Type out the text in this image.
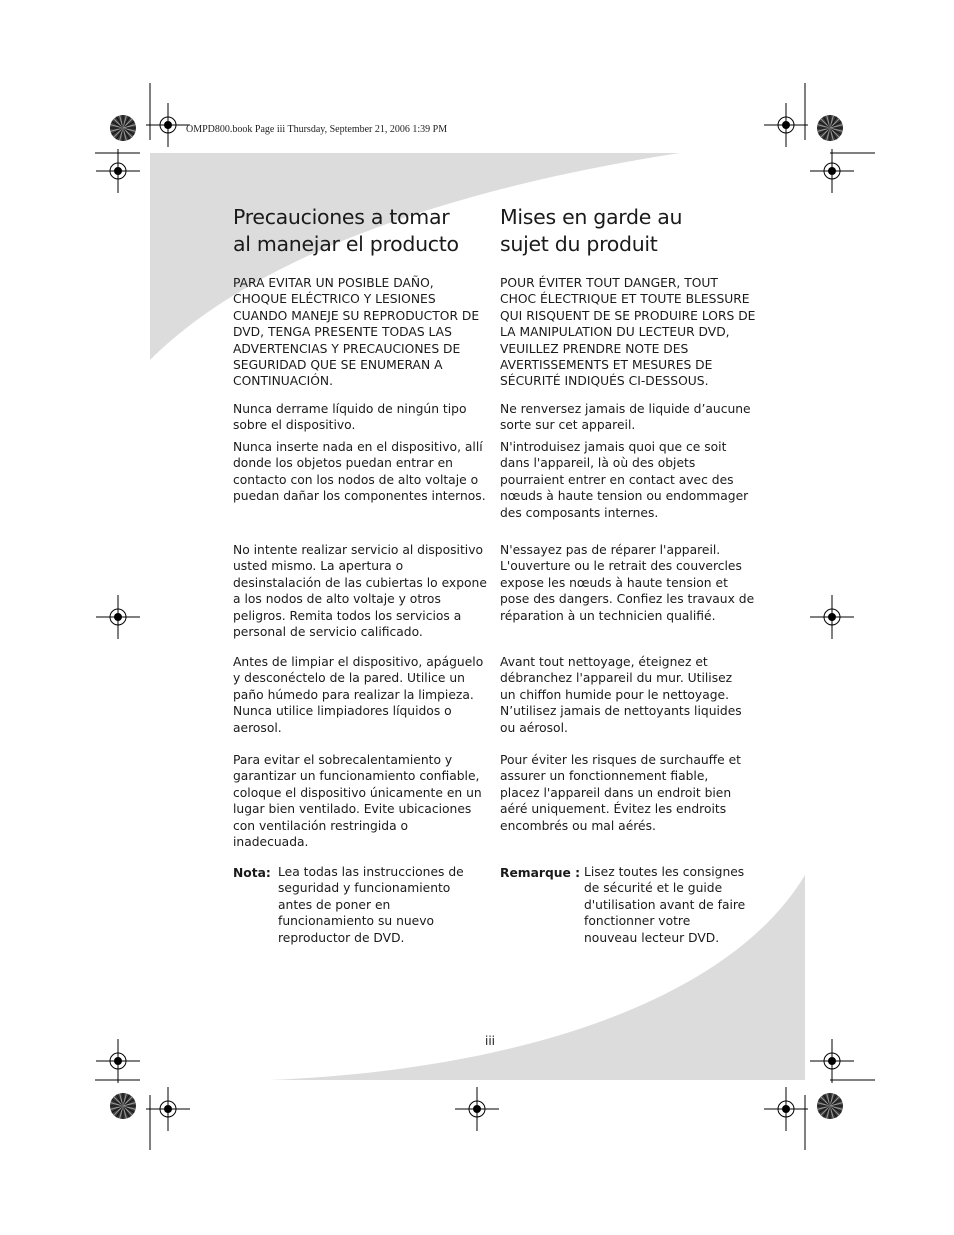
OMPD800.book Page iii Thursday, September 21, 2006 1:39 PM
Precauciones a tomar
al manejar el producto
Mises en garde au
sujet du produit
iii
PARA EVITAR UN POSIBLE DAÑO,
CHOQUE ELÉCTRICO Y LESIONES
CUANDO MANEJE SU REPRODUCTOR DE
DVD, TENGA PRESENTE TODAS LAS
ADVERTENCIAS Y PRECAUCIONES DE
SEGURIDAD QUE SE ENUMERAN A
CONTINUACIÓN.
Nunca derrame líquido de ningún tipo
sobre el dispositivo.
Nunca inserte nada en el dispositivo, allí
donde los objetos puedan entrar en
contacto con los nodos de alto voltaje o
puedan dañar los componentes internos.
No intente realizar servicio al dispositivo
usted mismo. La apertura o
desinstalación de las cubiertas lo expone
a los nodos de alto voltaje y otros
peligros. Remita todos los servicios a
personal de servicio calificado.
Antes de limpiar el dispositivo, apáguelo
y desconéctelo de la pared. Utilice un
paño húmedo para realizar la limpieza.
Nunca utilice limpiadores líquidos o
aerosol.
Para evitar el sobrecalentamiento y
garantizar un funcionamiento confiable,
coloque el dispositivo únicamente en un
lugar bien ventilado. Evite ubicaciones
con ventilación restringida o
inadecuada.
Nota: Lea todas las instrucciones de
seguridad y funcionamiento
antes de poner en
funcionamiento su nuevo
reproductor de DVD.
POUR ÉVITER TOUT DANGER, TOUT
CHOC ÉLECTRIQUE ET TOUTE BLESSURE
QUI RISQUENT DE SE PRODUIRE LORS DE
LA MANIPULATION DU LECTEUR DVD,
VEUILLEZ PRENDRE NOTE DES
AVERTISSEMENTS ET MESURES DE
SÉCURITÉ INDIQUÉS CI-DESSOUS.
Ne renversez jamais de liquide d’aucune
sorte sur cet appareil.
N'introduisez jamais quoi que ce soit
dans l'appareil, là où des objets
pourraient entrer en contact avec des
nœuds à haute tension ou endommager
des composants internes.
N'essayez pas de réparer l'appareil.
L'ouverture ou le retrait des couvercles
expose les nœuds à haute tension et
pose des dangers. Confiez les travaux de
réparation à un technicien qualifié.
Avant tout nettoyage, éteignez et
débranchez l'appareil du mur. Utilisez
un chiffon humide pour le nettoyage.
N’utilisez jamais de nettoyants liquides
ou aérosol.
Pour éviter les risques de surchauffe et
assurer un fonctionnement fiable,
placez l'appareil dans un endroit bien
aéré uniquement. Évitez les endroits
encombrés ou mal aérés.
Remarque : Lisez toutes les consignes
de sécurité et le guide
d'utilisation avant de faire
fonctionner votre
nouveau lecteur DVD.
